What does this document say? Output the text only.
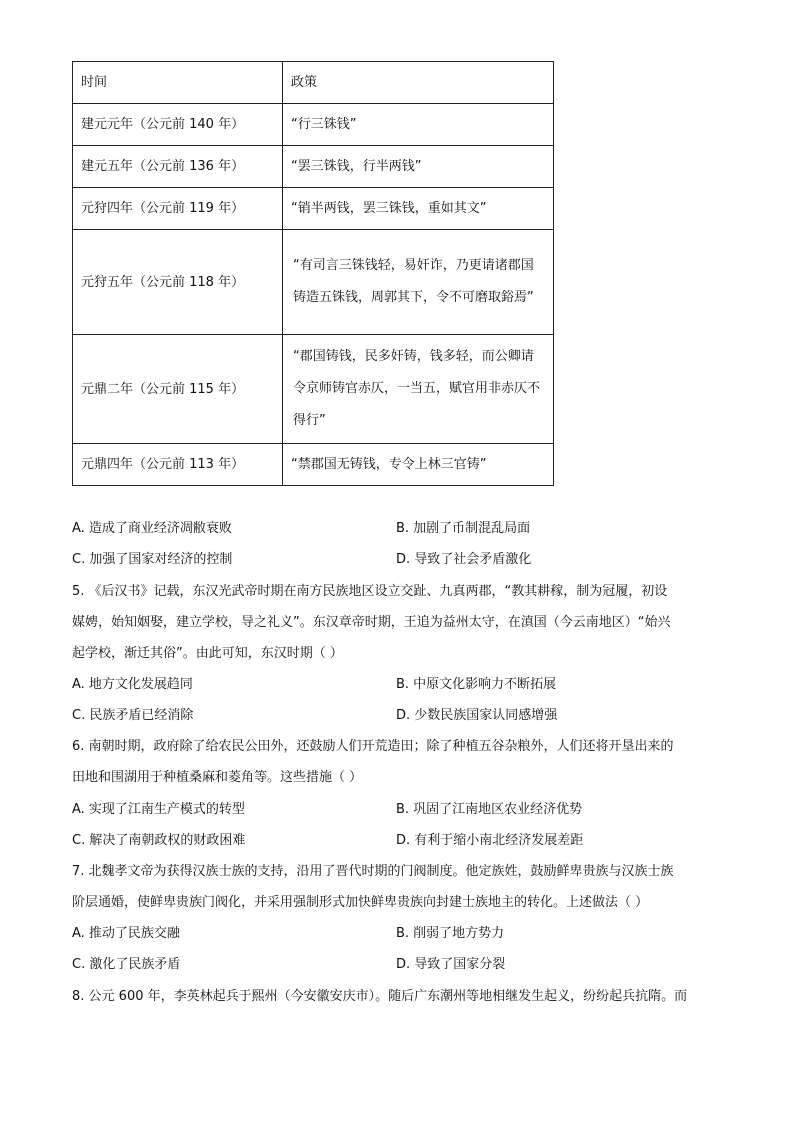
时间	政策
建元元年（公元前 140 年）	“行三铢钱”
建元五年（公元前 136 年）	“罢三铢钱，行半两钱”
元狩四年（公元前 119 年）	“销半两钱，罢三铢钱，重如其文”
元狩五年（公元前 118 年）	“有司言三铢钱轻，易奸诈，乃更请诸郡国铸造五铢钱，周郭其下，令不可磨取鋊焉”
元鼎二年（公元前 115 年）	“郡国铸钱，民多奸铸，钱多轻，而公卿请令京师铸官赤仄，一当五，赋官用非赤仄不得行”
元鼎四年（公元前 113 年）	“禁郡国无铸钱，专令上林三官铸”
A. 造成了商业经济凋敝衰败	B. 加剧了币制混乱局面
C. 加强了国家对经济的控制	D. 导致了社会矛盾激化
5. 《后汉书》记载，东汉光武帝时期在南方民族地区设立交趾、九真两郡，“教其耕稼，制为冠履，初设
媒娉，始知姻娶，建立学校，导之礼义”。东汉章帝时期，王追为益州太守，在滇国（今云南地区）“始兴
起学校，渐迁其俗”。由此可知，东汉时期（ ）
A. 地方文化发展趋同	B. 中原文化影响力不断拓展
C. 民族矛盾已经消除	D. 少数民族国家认同感增强
6. 南朝时期，政府除了给农民公田外，还鼓励人们开荒造田；除了种植五谷杂粮外，人们还将开垦出来的
田地和围湖用于种植桑麻和菱角等。这些措施（ ）
A. 实现了江南生产模式的转型	B. 巩固了江南地区农业经济优势
C. 解决了南朝政权的财政困难	D. 有利于缩小南北经济发展差距
7. 北魏孝文帝为获得汉族士族的支持，沿用了晋代时期的门阀制度。他定族姓，鼓励鲜卑贵族与汉族士族
阶层通婚，使鲜卑贵族门阀化，并采用强制形式加快鲜卑贵族向封建士族地主的转化。上述做法（ ）
A. 推动了民族交融	B. 削弱了地方势力
C. 激化了民族矛盾	D. 导致了国家分裂
8. 公元 600 年，李英林起兵于熙州（今安徽安庆市）。随后广东潮州等地相继发生起义，纷纷起兵抗隋。而
